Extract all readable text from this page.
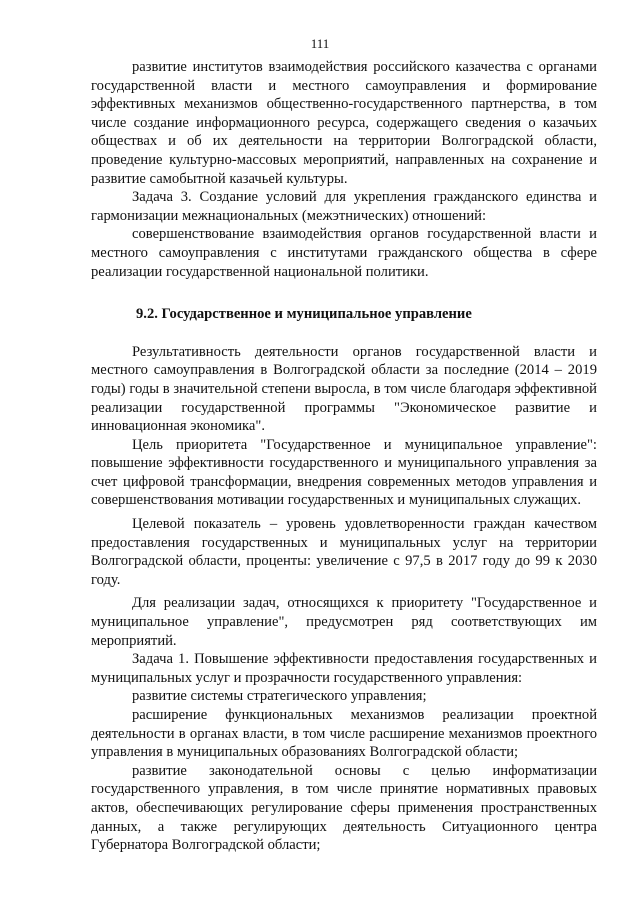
111

развитие институтов взаимодействия российского казачества с органами государственной власти и местного самоуправления и формирование эффективных механизмов общественно-государственного партнерства, в том числе создание информационного ресурса, содержащего сведения о казачьих обществах и об их деятельности на территории Волгоградской области, проведение культурно-массовых мероприятий, направленных на сохранение и развитие самобытной казачьей культуры.

Задача 3. Создание условий для укрепления гражданского единства и гармонизации межнациональных (межэтнических) отношений:

совершенствование взаимодействия органов государственной власти и местного самоуправления с институтами гражданского общества в сфере реализации государственной национальной политики.

9.2. Государственное и муниципальное управление

Результативность деятельности органов государственной власти и местного самоуправления в Волгоградской области за последние (2014 – 2019 годы) годы в значительной степени выросла, в том числе благодаря эффективной реализации государственной программы "Экономическое развитие и инновационная экономика".

Цель приоритета "Государственное и муниципальное управление": повышение эффективности государственного и муниципального управления за счет цифровой трансформации, внедрения современных методов управления и совершенствования мотивации государственных и муниципальных служащих.

Целевой показатель – уровень удовлетворенности граждан качеством предоставления государственных и муниципальных услуг на территории Волгоградской области, проценты: увеличение с 97,5 в 2017 году до 99 к 2030 году.

Для реализации задач, относящихся к приоритету "Государственное и муниципальное управление", предусмотрен ряд соответствующих им мероприятий.

Задача 1. Повышение эффективности предоставления государственных и муниципальных услуг и прозрачности государственного управления:

развитие системы стратегического управления;

расширение функциональных механизмов реализации проектной деятельности в органах власти, в том числе расширение механизмов проектного управления в муниципальных образованиях Волгоградской области;

развитие законодательной основы с целью информатизации государственного управления, в том числе принятие нормативных правовых актов, обеспечивающих регулирование сферы применения пространственных данных, а также регулирующих деятельность Ситуационного центра Губернатора Волгоградской области;
